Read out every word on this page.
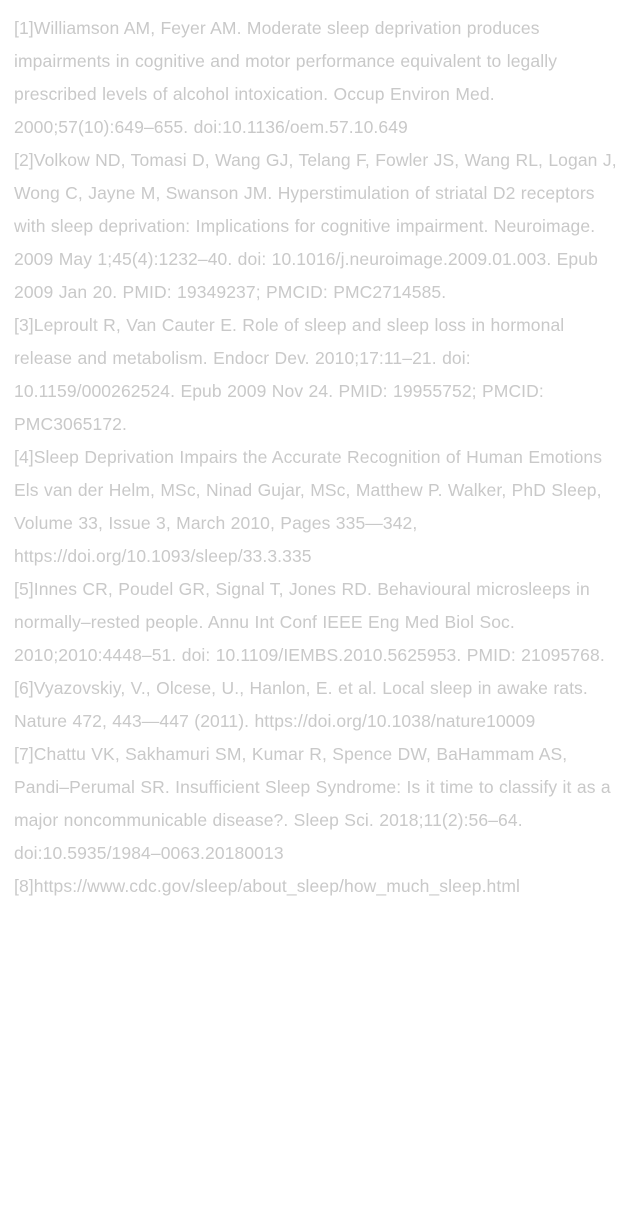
[1]Williamson AM, Feyer AM. Moderate sleep deprivation produces impairments in cognitive and motor performance equivalent to legally prescribed levels of alcohol intoxication. Occup Environ Med. 2000;57(10):649–655. doi:10.1136/oem.57.10.649

[2]Volkow ND, Tomasi D, Wang GJ, Telang F, Fowler JS, Wang RL, Logan J, Wong C, Jayne M, Swanson JM. Hyperstimulation of striatal D2 receptors with sleep deprivation: Implications for cognitive impairment. Neuroimage. 2009 May 1;45(4):1232–40. doi: 10.1016/j.neuroimage.2009.01.003. Epub 2009 Jan 20. PMID: 19349237; PMCID: PMC2714585.

[3]Leproult R, Van Cauter E. Role of sleep and sleep loss in hormonal release and metabolism. Endocr Dev. 2010;17:11–21. doi: 10.1159/000262524. Epub 2009 Nov 24. PMID: 19955752; PMCID: PMC3065172.

[4]Sleep Deprivation Impairs the Accurate Recognition of Human Emotions Els van der Helm, MSc, Ninad Gujar, MSc, Matthew P. Walker, PhD Sleep, Volume 33, Issue 3, March 2010, Pages 335—342, https://doi.org/10.1093/sleep/33.3.335

[5]Innes CR, Poudel GR, Signal T, Jones RD. Behavioural microsleeps in normally–rested people. Annu Int Conf IEEE Eng Med Biol Soc. 2010;2010:4448–51. doi: 10.1109/IEMBS.2010.5625953. PMID: 21095768.

[6]Vyazovskiy, V., Olcese, U., Hanlon, E. et al. Local sleep in awake rats. Nature 472, 443—447 (2011). https://doi.org/10.1038/nature10009

[7]Chattu VK, Sakhamuri SM, Kumar R, Spence DW, BaHammam AS, Pandi–Perumal SR. Insufficient Sleep Syndrome: Is it time to classify it as a major noncommunicable disease?. Sleep Sci. 2018;11(2):56–64. doi:10.5935/1984–0063.20180013

[8]https://www.cdc.gov/sleep/about_sleep/how_much_sleep.html
